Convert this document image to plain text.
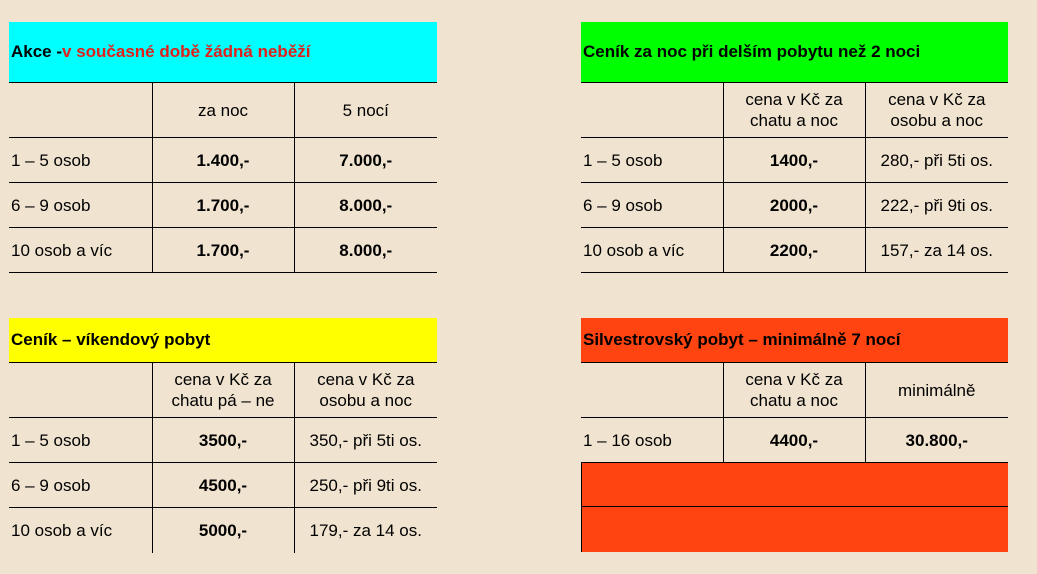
Akce - v současné době žádná neběží
	za noc	5 nocí
1 – 5 osob	1.400,-	7.000,-
6 – 9 osob	1.700,-	8.000,-
10 osob a víc	1.700,-	8.000,-
Ceník za noc při delším pobytu než 2 noci
	cena v Kč za chatu a noc	cena v Kč za osobu a noc
1 – 5 osob	1400,-	280,- při 5ti os.
6 – 9 osob	2000,-	222,- při 9ti os.
10 osob a víc	2200,-	157,- za 14 os.
Ceník – víkendový pobyt
	cena v Kč za chatu pá – ne	cena v Kč za osobu a noc
1 – 5 osob	3500,-	350,- při 5ti os.
6 – 9 osob	4500,-	250,- při 9ti os.
10 osob a víc	5000,-	179,- za 14 os.
Silvestrovský pobyt – minimálně 7 nocí
	cena v Kč za chatu a noc	minimálně
1 – 16 osob	4400,-	30.800,-
